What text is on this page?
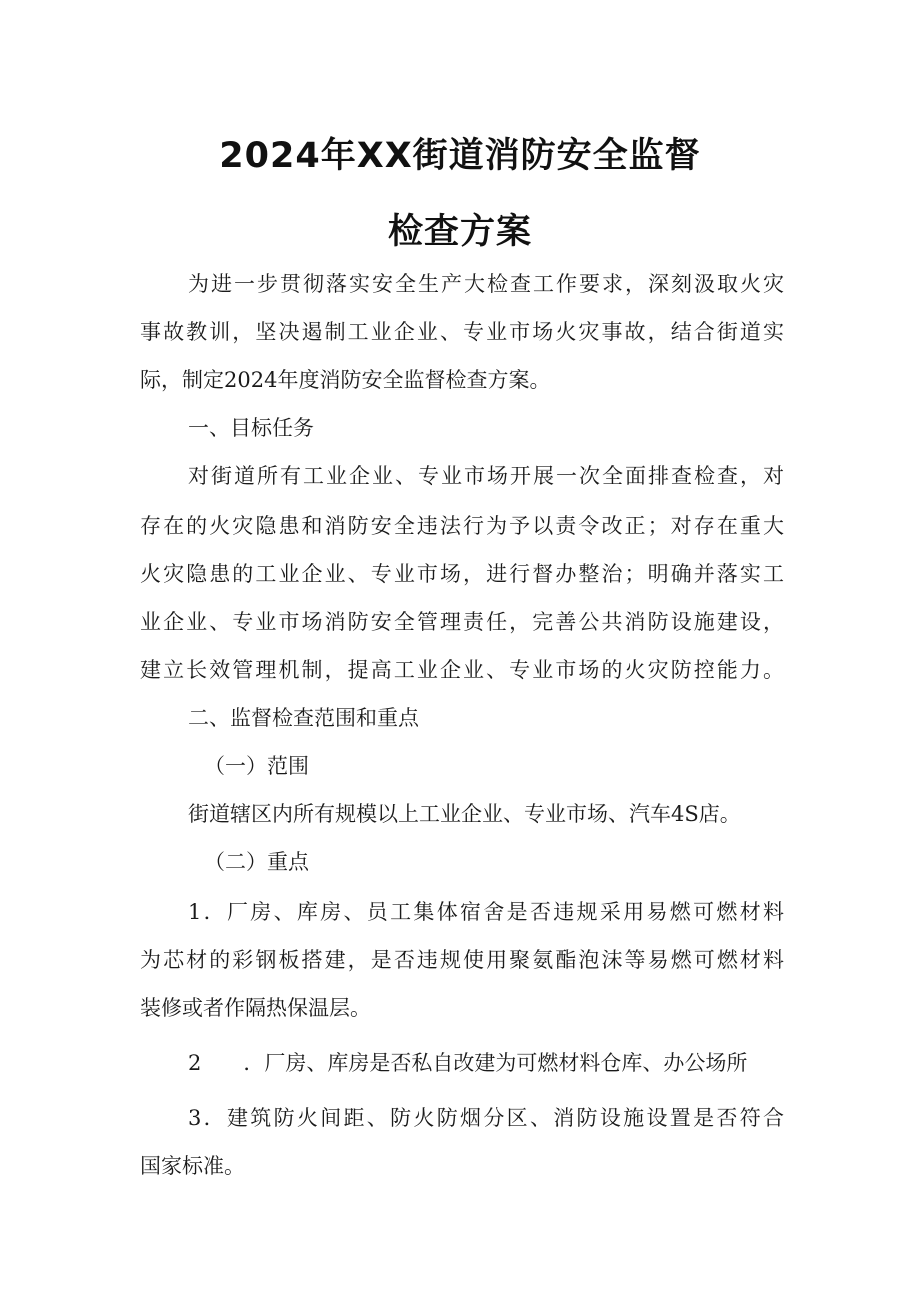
2024年XX街道消防安全监督
检查方案
为进一步贯彻落实安全生产大检查工作要求，深刻汲取火灾
事故教训，坚决遏制工业企业、专业市场火灾事故，结合街道实
际，制定2024年度消防安全监督检查方案。
一、目标任务
对街道所有工业企业、专业市场开展一次全面排查检查，对
存在的火灾隐患和消防安全违法行为予以责令改正；对存在重大
火灾隐患的工业企业、专业市场，进行督办整治；明确并落实工
业企业、专业市场消防安全管理责任，完善公共消防设施建设，
建立长效管理机制，提高工业企业、专业市场的火灾防控能力。
二、监督检查范围和重点
（一）范围
街道辖区内所有规模以上工业企业、专业市场、汽车4S店。
（二）重点
1．厂房、库房、员工集体宿舍是否违规采用易燃可燃材料
为芯材的彩钢板搭建，是否违规使用聚氨酯泡沫等易燃可燃材料
装修或者作隔热保温层。
2　　．厂房、库房是否私自改建为可燃材料仓库、办公场所
3．建筑防火间距、防火防烟分区、消防设施设置是否符合
国家标准。
